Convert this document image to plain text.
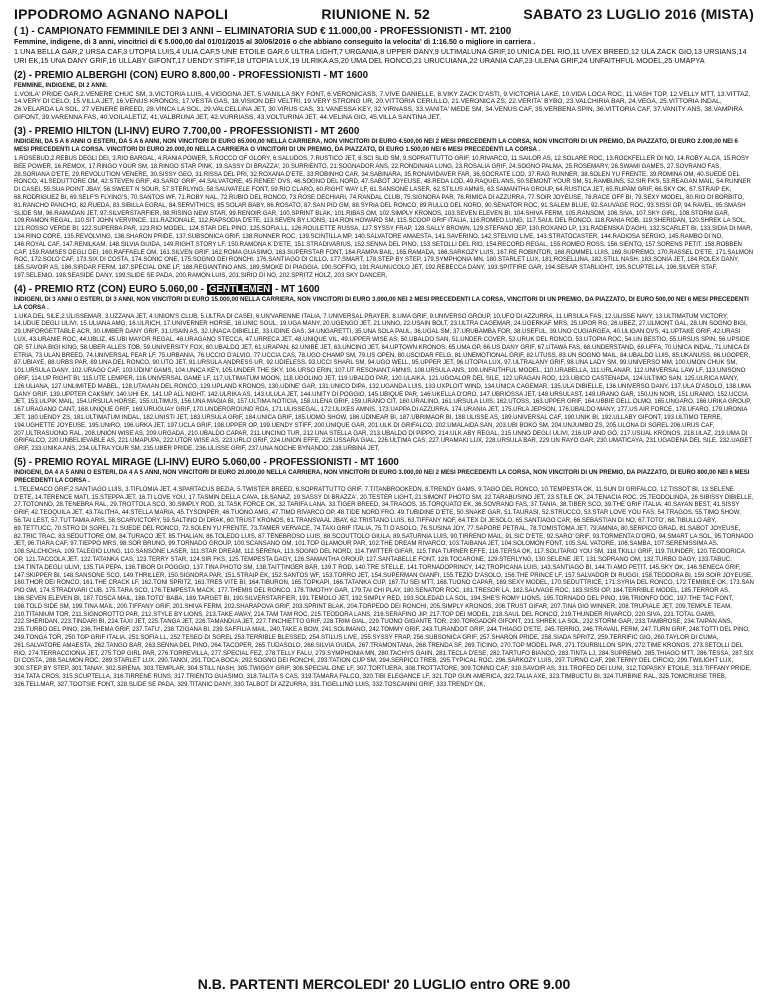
IPPODROMO AGNANO NAPOLI	RIUNIONE N. 52	SABATO 23 LUGLIO 2016 (MISTA)
( 1) - CAMPIONATO FEMMINILE DEI 3 ANNI – ELIMINATORIA SUD € 11.000,00 - PROFESSIONISTI - MT. 2100
Femmine, indigene, di 3 anni, vincitrici di € 5.000,00 dal 01/01/2015 al 30/06/2016 o che abbiano conseguito la velocita' di 1:16.50 o migliore in carriera .
1 UNA BELLA GAR,2 URSA CAF,3 UTOPIA LUIS,4 ULIA CAF,5 UNE ETOILE GAR,6 ULTRA LIGHT,7 URGANIA,8 UPPER DANY,9 ULTIMALUNA GRIF,10 UNICA DEL RIO,11 UVEX BREED,12 ULA ZACK GIO,13 URSIANS,14 URI EK,15 UNA DANY GRIF,16 ULLABY GIFONT,17 UENDY STIFF,18 UTOPIA LUX,19 ULRIKA AS,20 UMA DEL RONCO,21 URUCUIANA,22 URANIA CAF,23 ULENA GRIF,24 UNFAITHFUL MODEL,25 UMAPYA
(2) - PREMIO ALBERGHI (CON) EURO 8.800,00 - PROFESSIONISTI - MT 1600
FEMMINE, INDIGENE, DI 2 ANNI.
1.VOILA' PRIDE GAR,2.VENERE CHUC SM, 3.VICTORIA LUIS, 4.VIGOGNA JET, 5.VANILLA SKY FONT, 6.VERONICASS, 7.VIVE DANIELLE, 8.VIKY ZACK D'ASTI, 9.VICTORIA LAKE, 10.VIDA LOCA ROC, 11.VASH TOP, 12.VELLY MTT, 13.VITTAZ, 14.VERY DI CELO, 15.VILLA JET, 16.VENUS KRONOS, 17.VESTA GAS, 18.VISION DEI VELTRI, 19.VERY STRONG UR, 20.VITTORIA CERULLO, 21.VERONICA ZS, 22.VERITA' BYBO, 23.VALCHIRIA BAR, 24.VEGA, 25.VITTORIA INDAL, 26.VELARDA LA SOL, 27.VENERE BREED, 28.VINCA LA SOL, 29.VALCELLINA JET, 30.VIRUS CAS, 31.VANESSA KEY, 32.VIRNASS, 33.VANITA' MEDE SM, 34.VENUS CAF, 35.VERBENA SPIN, 36.VITTORIA CAF, 37.VANITY ANS, 38.VAMPIRA GIFONT, 39.VARENNA FAS, 40.VOILALETIZ, 41.VALBRUNA JET, 42.VURRIASS, 43.VOLTURINA JET, 44.VELINA GIO, 45.VILLA SANTINA JET,
(3) - PREMIO HILTON (LI-INV) EURO 7.700,00 - PROFESSIONISTI - MT 2600
INDIGENI, DA 5 A 6 ANNI O ESTERI, DA 5 A 6 ANNI, NON VINCITORI DI EURO 65.000,00 NELLA CARRIERA, NON VINCITORI DI EURO 4.500,00 NEI 2 MESI PRECEDENTI LA CORSA, NON VINCITORI DI UN PREMIO, DA PIAZZATO, DI EURO 2.000,00 NEI 6 MESI PRECEDENTI LA CORSA. VINCITORI DI EURO 20.000,00 NELLA CARRIERA O VINCITORI DI UN PREMIO, DA PIAZZATO, DI EURO 1.500,00 NEI 6 MESI PRECEDENTI LA CORSA .
1.ROSEBUD,2.REBUS DEGLI DEI, 3.RIO BARGAL, 4.RANIA POWER, 5.ROCCO OF GLORY, 6.SALUDOS, 7.RUSTICO JET, 8.SCI SLID SM, 9.SOPRATTUTTO GRIF, 10.RIVARCO, 11.SAILOR AS, 12.SOLARE ROC, 13.ROCKFELLER DI NO, 14.ROBY ALCA, 15.ROSY BEE POWER, 16.REMOX, 17.RINGO YOUR SM, 18.RINGO STAR PINK, 19.SASSY DI BRAZZA', 20.SURRIENTO, 21.SOGNADOR ANS, 22.RONDINAIA LUNG, 23.ROSALIA GRIF, 24.SOGNO PALMA, 25.ROSEMARY, 26.SWAMI GAMES, 27.SOVRANO FAS, 28.SORIANA D'ETE, 29.REVOLUTION VENERE, 30.SISSY GEO, 31.RISSA DEL PRI, 32.ROXANA D'ETE, 33.ROBINHO CAR, 34.SABINARA, 35.RONAVIDAVER FAR, 36.SOCRATE LOD, 37.RAG RUNNER, 38.SOLEN YU FRENTE, 39.ROMINA OM, 40.SUEDE DEL RONCO, 41.SEDUTTORE OM, 42.STEVEN GRIF, 43.SARO' GRIF, 44.SALVATORE, 45.RENEE' DVS, 46.SOGNO DEL NORD, 47.SABOT JOYEUSE, 48.REDA LOD, 49.RAQUEL ANS, 50.SEMONT YOUR SM, 51.RAMBUNS, 52.SIR FKS, 53.REAGAN MAIL, 54.RUNNER DI CASEI, 55.SUA POINT JBAY, 56.SWEET N SOUR, 57.STERLYNG, 58.SAUVATELE FONT, 59.RIO CLARO, 60.RIGHT WAY LF, 61.SANSONE LASER, 62.STILUS AMNIS, 63.SAMANTHA GROUP, 64.RUSTICA JET, 65.RUPAM GRIF, 66.SKY OK, 67.STRAIP EK, 68.RODRIGUEZ BI, 69.SELF'S FLYING'S, 70.SANTOS WF, 71.ROBY NAL, 72.RUBIO DEL RONCO, 73.ROSE DECHIARI, 74.RANDAL CLUB, 75.SIGNORA PAR, 76.RIMICA DI AZZURRA, 77.SOIR JOYEUSE, 78.RACE OFF BI, 79.SEXY MODEL, 80.RIO DI BORBITO, 81.RANCHO PANCHO, 82.RUEDA, 83.SIBILLA EGRAL, 84.SERVITHICS, 85.SOLAR BABY, 86.ROSATO, 87.SAN PIO GM, 88.SYRIA DEL RONCO, 89.RULLO DEL NORD, 90.SENATOR ROC, 91.SALEM BLUE, 92.SAUVAGE ROC, 93.SISSI OP, 94.RAVEL, 95.SMASH SLIDE SM, 96.RAMADAN JET, 97.SILVERSTARFIER, 98.RISING NEW STAR, 99.RENOIR GAR, 100.SPRINT BLAK, 101.RIBAS OM, 102.SIMPLY KRONOS, 103.SEVEN ELEVEN BI, 104.SHIVA FERM, 105.RANSOM, 106.SIVA, 107.SKY GIRL, 108.STORM GAR, 109.RAMON REGAL, 110.SIT JOHN VERVINCE, 111.RAZIONALE, 112.RAPSODIA D'ETE, 113.SEVEN BY LIONS, 114.RON HOWARD SM, 115.SCOOP GRIF ITALIA, 116.ROMEO LUNG, 117.SAUL DEL RONCO, 118.RANIA ROB, 119.SHERIDAN, 120.SHREK LA SOL, 121.ROSSO VERDE BI, 122.SUPERBA PAR, 123.RIO MODEL, 124.STAR DEL PINO, 125.SOFIA LL, 126.ROULETTE RUSSA, 127.SYSSY FRAP, 128.SALLY BROWN, 129.STEFANO JEP, 130.ROXANO LP, 131.RADENSKA D'AGHI, 132.SCARLET BI, 133.SIDIA DI MAR, 134.RINO CORE, 135.REVOLVING, 136.SHARON PRIDE, 137.SUBSONICA GRIF, 138.RUNNER ROC, 139.SCINTILLA MP, 140.SALVATORE AMAESTA, 141.SAVERINO, 142.STELVIO LIVE, 143.STRATOCASTER, 144.RADIOSA SERGIO, 145.RAMBO DI NO, 146.ROYAL CAF, 147.RENILKAM, 148.SILVIA GUIDA, 149.RIGHT STORY LF, 150.RAMONA K D'ETE, 151.STRADIVARIUS, 152.SENNA DEL PINO, 153.SETOLLI DEL RIO, 154.RECORD REGAL, 155.ROMEO ROSS, 156.SIENTO, 157.SORENS PETIT, 158.ROBBEN CAF, 159.RAMSES DEGLI DEI, 160.RAFFAELE OM, 161.SILVEN GRIF, 162.ROMA GUASIMO, 163.SUPERSTAR FONT, 164.RAMPA BAIL, 165.RAMADA, 166.SARKOZY LUIS, 167.RE ROBINTOR, 168.ROMMEL LUIS, 169.SUPREMO, 170.RASSEL D'ETE, 171.SALMON ROC, 172.SOLO CAF, 173.SIX DI COSTA, 174.SONIC ONE, 175.SOGNO DEI RONCHI, 176.SANTIAGO DI CILLO, 177.SMART, 178.STEP BY STEP, 179.SYMPHONIA MN, 180.STARLET LUX, 181.ROSELLINA, 182.STILL NASH, 183.SONIA JET, 184.ROLEX DANY, 185.SAVOIR AS, 186.SIRDAR FERM, 187.SPECIAL ONE LF, 188.REGIANTINO ANS, 189.SMOKE DI PIAGGIA, 190.SOFFIO, 191.RAUNUCOLO JET, 192.REBECCA DANY, 193.SPITFIRE GAR, 194.SESAR STARLIGHT, 195.SCUPTELLA, 196.SILVER STAF, 197.SELENIO, 198.SEASIDE DANY, 199.SLIDE SE PADA, 200.RAMON LUIS, 201.SIRIO DI NO, 202.SPRITZ HOLZ, 203.SKY DANCER,
(4) - PREMIO RTZ (CON) EURO 5.060,00 - GENTLEMEN - MT 1600
INDIGENI, DI 3 ANNI O ESTERI, DI 3 ANNI, NON VINCITORI DI EURO 15.000,00 NELLA CARRIERA, NON VINCITORI DI EURO 3.000,00 NEI 2 MESI PRECEDENTI LA CORSA, VINCITORI DI UN PREMIO, DA PIAZZATO, DI EURO 500,00 NEI 6 MESI PRECEDENTI LA CORSA .
1.UKA DEL SILE,2.ULISSEMAR, 3.UZZANA JET, 4.UNION'S CLUB, 5.ULTRA DI CASEI, 6.UN'VARENNE ITALIA, 7.UNIVERSAL PRAYER, 8.UMA GRIF, 9.UNIVERSO GROUP, 10.UFO DI AZZURRA, 11.URSULA FAS, 12.ULISSE NAVY, 13.ULTIMATUM VICTORY, 14.UDUE DEGLI ULIVI, 15.ULIANA AMG, 16.ULRICH, 17.UNIVERNER HORSE, 18.UNIC SOUL, 19.UGA MANY, 20.UGENGO JET, 21.UNNO, 22.USAIN BOLT, 23.ULTRA CAGEMAR, 24.UGERKAF MRS, 25.UPOR RG, 26.UBEZ, 27.ULMONT GAL, 28.UN SOGNO BIGI, 29.UNFORGETTABLE ACR, 30.UMBER DANY GRIF, 31.USAIN AS, 32.UNACA DIBIELLE, 33.UDINE GAS, 34.UNGARETTI, 35.UNA SOLA PAUL, 36.UGAL SM, 37.URUBAMBA FOR, 38.USEFUL, 39.UNO CUGIARGEA, 40.ULIGAN DVS, 41.UPTAKE GRIF, 42.URASI LUX, 43.URANIE ROC, 44.UBLIZ, 45.UBI MAYOR REGAL, 46.URAGANO STECCA, 47.URRECA JET, 48.UNIQUE VIL, 49.UPPER WISE AS, 50.UBALDO SAN, 51.UNDER COVER, 52.URUK DEL RONCO, 53.UTOPIA ROC, 54.UN BESTIO, 55.URSUS SPIN, 56.UPSIDE OP, 57.UNA BIGI KING, 58.UBER ALLES TOB, 59.UNIVERSITY FOX, 60.UBALDO JET, 61.URAPAN, 62.UNIBE JET, 63.UNCINO JET, 64.UPTOWN KRONOS, 65.UMA OP, 66.US DANY GRIF, 67.UTAWA FAS, 68.UNDERSTAND, 69.UFFA, 70.UNICA INDAL, 71.UNICA DI ETRIA, 73.ULAN BREED, 74.UNIVERSAL FEAR LF, 75.URBANIA, 76.UCCIO D'ALVIO, 77.UCCIA CAS, 78.UGO CHAMP SM, 79.US OPEN, 80.USCIDAR FELG, 81.UNEMOTIONAL GRIF, 82.UTUSS, 83.UN SOGNO MAIL, 84.UBALDO LUIS, 85.UKANUSS, 86.UGOPER, 87.UBIAYE, 88.URBS PAR, 89.UNA DEL RONCO, 90.UTO JET, 91.URSULA ANDRESS UR, 92.UDIELESS, 93.UCCI SHARL SM, 94.UGO WELL, 95.UPPER JET, 96.UTOPIA LUX, 97.ULTRALANY GRIF, 98.UNA LADY SM, 99.UNIVERSO MM, 100.UMON CHUK SM, 101.URSULA DANY, 102.URAGO CAF, 103.UDINI' GAMS, 104.UNICA KEY, 105.UNDER THE SKY, 106.URSO ERIN, 107.UT RESONANT AMNIS, 108.URSULA ANS, 109.UNFAITHFUL MODEL, 110.URABELLA, 111.URLANAR, 112.UNIVERSAL LAW LF, 113.UNISONO GRIF, 114.UP RIGHT BI, 115.UTE LEMPER, 116.UNIVERSAL GAME LF, 117.ULTIMATUM MOON, 118.UGOLINO JET, 119.UBALDO PAR, 120.ULAIKA, 121.UGOALOR DEL SILE, 122.URAGAN ROD, 123.UBICO CASTENADA, 124.ULTIMO SAN, 125.ULRICA MANY, 126.ULIANA, 127.UNLIMITED MABEL, 128.UTAVIAN DEL RONCO, 129.UPLAND KRONOS, 130.UDINE' GAR, 131.UNICO DIPA, 132.UGANDA LUIS, 133.UXPLOIT WIND, 134.UNICA CAGEMAR, 135.ULA DIBIELLE, 136.UNIVERSO DANY, 137.ULA D'ASOLO, 138.UMA DANY GRIF, 139.UPPTER CAKSMY, 140.UHI EK, 141.UP ALL NIGHT, 142.ULRIKA AS, 143.ULULA JET, 144.UNITY DI POGGIO, 145.UBIQUE PAR, 146.UKELLA D'ORO, 147.UBRIOSSA JET, 148.URSULAST, 149.URANO GAR, 150.UN NOIR, 151.URANIO, 152.UCCIA JET, 153.ULPIK MAIL, 154.URSULA HORSE, 155.ULTIMUS, 156.UNA MAGIA BI, 157.ULTIMA NOTICIA, 158.ULENA GRIF, 159.URANO CIT, 160.URALINO, 161.URSULA LUIS, 162.UTOSS, 163.UPPER GRIF, 164.UBBIE DELL OLMO, 165.UNGARO, 166.URIKA GROUP, 167.URAGANO CANT, 168.UNIQUE GRIF, 169.URUGUAY GRIF, 170.UNDERGROUND ROA, 171.ULISSEGAL, 172.ULIXES AMNIS, 173.UAPPA DI AZZURRA, 174.URANIA JET, 175.URLA JEPSON, 176.UBALDO MANY, 177.US AIR FORCE, 178.UFARO, 179.URONIA JET, 180.UENDY ZS, 181.ULTIMATUM INDAL, 182.UNISTI JET, 183.URSULA GRIF, 184.UNICA GRIF, 185.UOMO SHOW, 186.UDINEAR BI, 187.UBRIMAOR BI, 188.ULISSE AS, 189.UNIVERSAL CAF, 190.UNIK BI, 192.ULLABY GIFONT, 193.ULTIMO TERRE, 194.UGHETTE JOYEUSE, 195.UNIRO, 196.URKA JET, 197.UCLA GRIF, 198.UPPER OP, 199.UENDY STIFF, 200.UNIQUE GAR, 201.ULK DI GRIFALCO, 202.UMALAIDA SAN, 203.UBI BOKO SM, 204.UNJUMBO ZS, 205.ULONA DI SGREL 206.URUS CAF, 207.ULTRASUONO RAL, 208.UNION WISE AS, 209.URGADA, 210.UBALDO CAPAR, 211.UNCINO TUR, 212.UNA STELLA GAR, 213.UBALDO DI PIPPO, 214.ULK ABY REGAL, 215.UNNO DEGLI ULIVI, 216.UP AND GO, 217.USUAL KRONOS, 218.ULAZ, 219.UMA DI GRIFALCO, 220.UNBELIEVABLE AS, 221.UMAPUPA, 222.UTOR WISE AS, 223.URLO GRIF, 224.UNION EFFE, 225.USSARA GIAL, 226.ULTIMA CAS, 227.URAMAKI LUX, 228.URSULA BAR, 229.UN RAYO GAR, 230.UMATICAYA, 231.UGADENA DEL SILE, 232.UAGET GRIF, 233.UNIKA ANS, 234.ULTRA YOUR SM, 235.UBER PRIDE, 236.ULISSE GRIF, 237.UNA NOCHE BYNANDO, 238.URBINA JET,
(5) - PREMIO ROYAL MIRAGE (LI-INV) EURO 5.060,00 - PROFESSIONISTI - MT 1600
INDIGENI, DA 4 A 5 ANNI O ESTERI, DA 4 A 5 ANNI, NON VINCITORI DI EURO 20.000,00 NELLA CARRIERA, NON VINCITORI DI EURO 3.000,00 NEI 2 MESI PRECEDENTI LA CORSA, NON VINCITORI DI UN PREMIO, DA PIAZZATO, DI EURO 800,00 NEI 6 MESI PRECEDENTI LA CORSA .
1.TELEMACO GRIF,2.SANTIAGO LUIS, 3.TIFLOMIA JET, 4.SPARTACUS BEZIA, 5.TWISTER BREED, 6.SOPRATTUTTO GRIF, 7.TITANBROOKEDN, 8.TRENDY GAMS, 9.TAGO DEL RONCO, 10.TEMPESTA OK, 11.SUN DI GRIFALCO, 12.TISSOT BI, 13.SELENE D'ETE, 14.TERENCE MATI, 15.STEPPA JET, 16.TI LOVE YOU, 17.TASMIN DELLA CAVA, 18.SANAZ, 19.SASSY DI BRAZZA', 20.TESTER LIGHT, 21.SIMONT PHOTO SM, 22.TARABUSINO JET, 23.STILE OK, 24.TENACIA ROC, 25.TEODOLINDA, 26.SIBISSY DIBIELLE, 27.TOTONNO, 28.TENEBRA RAL, 29.TROTTOLA SCO, 30.SIMPLY ROD, 31.TASK FORCE OK, 32.TARIFA LANA, 33.TIGER BREED, 34.TRAGOS, 35.TORQUATO EK, 36.SOVRANO FAS, 37.TANIA, 38.TIBER SCO, 39.THE GRIF ITALIA, 40.SAYAN BEST, 41.SISSY GRIF, 42.TEOQUILA JET, 43.TALITHA, 44.STELLA MARIA, 45.TYSONPER, 46.TUONO AMG, 47.TIMO RIVARCO OP, 48.TIDE NORD FRO, 49.TUBIDINE D'ETE, 50.SNAKE GAR, 51.TAURASI, 52.STRUCCO, 53.STAR LOVE YOU FAS, 54.TRAGOS, 55.TIMO SHOW, 56.TAI LEST, 57.TUTTAMIA ARIS, 58.SCARVICTORY, 59.SALTINO DI DRAK, 60.TRUST KRONOS, 61.TRANSVAAL JBAY, 62.TRISTANO LUIS, 63.TIFFANY NOF, 64.TEX DI JESOLO, 65.SANTIAGO CAR, 66.SEBASTIAN DI NO, 67.TOTO', 68.TIBULLO ABY, 69.TETTUCC, 70.STRO DI SGREL 71.SUEDE DEL RONCO, 72.SOLEN YU FRENTE, 73.TAMER VERVACE, 74.TAXI GRIF ITALIA, 75.TI D'ASOLO, 76.SUSINA JOY, 77.SAPORE PETRAL, 78.TOMISTOMA JET, 79.AMNIA, 80.SERPICO GRAD, 81.SABOT JOYEUSE, 82.TRIC TRAC, 83.SEDUTTORE OM, 84.TURACO JET, 85.THALIAN, 86.TOLEDO LUIS, 87.TENEBROSO LUIS, 88.SCOUTTOLO GIULA, 89.SATURNIA LUIS, 90.TIRRENO MAIL, 91.SIC D'ETE, 92.SARO' GRIF, 93.TORMENTA D'ORO, 94.SMART LA SOL, 95.TORNADO JET, 96.TIARA CAF, 97.TIEPPO MRS, 98.SOR BRUNO, 99.TORNADO GROUP, 100.SCANSANO OM, 101.TOP GLAMOUR PAR, 102.THE DREAM RIVARCO, 103.TAIBANA JET, 104.SOLOMON FONT, 105.SAL VATORE, 106.SAMBA, 107.SERENISSIMA AS, 108.SALCHICHA, 109.TALEGIO LUNG, 110.SANSONE LASER, 111.STAR DREAM, 112.SERENA, 113.SOGNO DEL NORD, 114.TWITTER GIFAR, 115.TINA TURNER EFFE, 116.TERSA OK, 117.SOLITARIO YOU SM, 118.TKILLI GRIF, 119.TIUNDER, 120.TEODORICA OP, 121.TACCOLA JET, 122.TATANKA CAS, 123.TERRY STAR, 124.SIR FKS, 125.TEMPESTA DAGY, 126.SAMANTHA GROUP, 127.SANTABELLE FONT, 128.TOCARONE, 129.STERLYNG, 130.SELENE JET, 131.SOPRANO OM, 132.TURBO DAGY, 133.TABUC, 134.TINTA DEGLI ULIVI, 135.TIA PEPA, 136.TIBOR DI POGGIO, 137.TINA PHOTO SM, 138.TAITTINGER BAR, 139.T ROD, 140.TRE STELLE, 141.TORNADOPRINCY, 142.TROPICANA LUIS, 143.SANTIAGO BI, 144.TI AMO PETIT, 145.SKY OK, 146.SENECA GRIF, 147.SKIPPER BI, 148.SANSONE SCO, 149.THRILLER, 150.SIGNORA PAR, 151.STRAIP EK, 152.SANTOS WF, 153.TORRO JET, 154.SUPERMAN GIANFI, 155.TEZIO D'ASOLO, 156.THE PRINCE LF, 157.SALVADOR DI RUGGI, 158.TEODORA BI, 159.SOIR JOYEUSE, 160.THOR DEI RONCO, 161.THE CRACK LF, 162.TONI SPRITZ, 163.TRES VITE BI, 164.TIBURON, 165.TOPKAPI, 166.TATANKA CUP, 167.TU SEI MTT, 168.TUONO CAPAR, 169.SEXY MODEL, 170.SEDUTTRICE, 171.SYRIA DEL RONCO, 172.TEMIBILE OK, 173.SAN PIO GM, 174.STRADIVARI CUB, 175.TARA SCO, 176.TEMPESTA MACK, 177.THEMIS DEL RONCO, 178.TIMOTHY GAR, 179.TAI CHI PLAY, 180.SENATOR ROC, 181.TRESOR LA, 182.SAUVAGE ROC, 183.SISSI OP, 184.TERRIBLE MODEL, 185.TERROR AS, 186.SEVEN ELEVEN BI, 187.TOSCA MAIL, 188.TOTO' BABA, 189.TARGET BI, 190.SILVERSTARFIER, 191.TEMOLO JET, 192.SIMPLY RED, 193.SOLEDAD LA SOL, 194.SHE'S ROMY LIONS, 195.TORNADO DEL PINO, 196.TRIONFO DOC, 197.THE TAC FONT, 198.TOLD SIDE SM, 199.TINA MAIL, 200.TIFFANY GRIF, 201.SHIVA FERM, 202.SHARAPOVA GRIF, 203.SPRINT BLAK, 204.TORPEDO DEI RONCHI, 205.SIMPLY KRONOS, 206.TRUST GIFAR, 207.TINA GIO WINNER, 208.TRUPIALE JET, 209.TEMPLE TEAM, 210.TITANIUM TOR, 211.SIGNOROTTO PAR, 212.STYLE BY LIONS, 213.TAKE AWAY, 214.TAM TAM ROC, 215.TEODORA LANS, 216.SERAFINO JIP, 217.TOP DEI MODEL, 218.SAUL DEL RONCO, 219.THUNDER RIVARCO, 220.SIVA, 221.TOTAL GAMS, 222.SHERIDAN, 223.TINDARI BI, 224.TAXI JET, 225.TANGA JET, 226.TAMANDUA JET, 227.TINCHIETTO GRIF, 228.TRIM GIAL, 229.TUONO GIGANTE TOR, 230.TORGADOR GIFONT, 231.SHREK LA SOL, 232.STORM GAR, 233.TAMBROSE, 234.TAIPAN ANS, 235.TURBO DEL PINO, 236.THEMA GRIF, 237.TATU', 238.TZIGANA BI, 239.SAFFILIA MAIL, 240.TAKE A BOW, 241.SOLIMANO, 242.TOMMY GRIF, 243.TURANDOT GRIF, 244.THIAGO D'ETE, 245.TERRIO, 246.TRAVAIL FERM, 247.TURN GRIF, 248.TOTTI DEL PINO, 249.TONGA TOR, 250.TOP GRIF ITALIA, 251.SOFIA LL, 252.TESEO DI SGREL 253.TERRIBLE BLESSED, 254.STILUS LIVE, 255.SYSSY FRAP, 256.SUBSONICA GRIF, 257.SHARON PRIDE, 258.SIADA SPRITZ, 259.TERRIFIC GIO, 260.TAYLOR DI CUMA, 261.SALVATORE AMAESTA, 262.TANGO BAR, 263.SENNA DEL PINO, 264.TACOPER, 265.TUDASOLO, 266.SILVIA GUIDA, 267.TRAMONTANA, 268.TRENDA SF, 269.TICINO, 270.TOP MODEL PAR, 271.TOURBILLON SPIN, 272.TIME KRONOS, 273.SETOLLI DEL RIO, 274.TERRACCIONIA JET, 275.TOP GIRL PAR, 276.TORREVILLA, 277.SPECIAL FEZ, 278.TELLY FALU, 279.SYMPHONIA MN, 280.TACHYS GAIIN, 281.TECLA D'ESE, 282.TARTUFO BIANCO, 283.TINTA LJ, 284.SUPREMO, 285.THIAGO MTT, 286.TESSA, 287.SIX DI COSTA, 288.SALMON ROC, 289.STARLET LUX, 290.TANGI, 291.TOCA BOCA, 292.SOGNO DEI RONCHI, 293.TATION CUP SM, 294.SERPICO TREB, 295.TYPICAL ROC, 296.SARKOZY LUIS, 297.TURNO CAF, 298.TERNY DEL CIRCIO, 299.TWILIGHT LUX, 300.STEP BY STEP, 301.TANAY, 302.SIRENA, 303.TEMPLAR, 304.STILL NASH, 305.TWIGGY GRIF, 306.SPECIAL ONE LF, 307.TORTUERA, 308.TROTTATORE, 309.TONNO CAF, 310.SAVOIR AS, 311.TROFEO DEI LUNI, 312.TOPASKY ETOILE, 313.TIFFANY PRIDE, 314.TATA CROS, 315.SCUPTELLA, 316.TIRRENE RUNS, 317.TRIENTO GUASIMO, 318.TALITA S CAS, 319.TAMARA FALCO, 320.TIBI ELEGANCE LF, 321.TOP GUN AMERICA, 322.TALIA AXE, 323.TIMBUCTU BI, 324.TURBINE RAL, 325.TOMCRUISE TREB, 326.TELLMAR, 327.TOOTSIE FONT, 328.SLIDE SE PADA, 329.TITANIC DANY, 330.TALBOT DI AZZURRA, 331.TIGELLINO LUIS, 332.TOSCANINI GRIF, 333.TRENDY OK,
N.B. PARTENTI MERCOLEDI' 20 LUGLIO entro ORE 9.00
